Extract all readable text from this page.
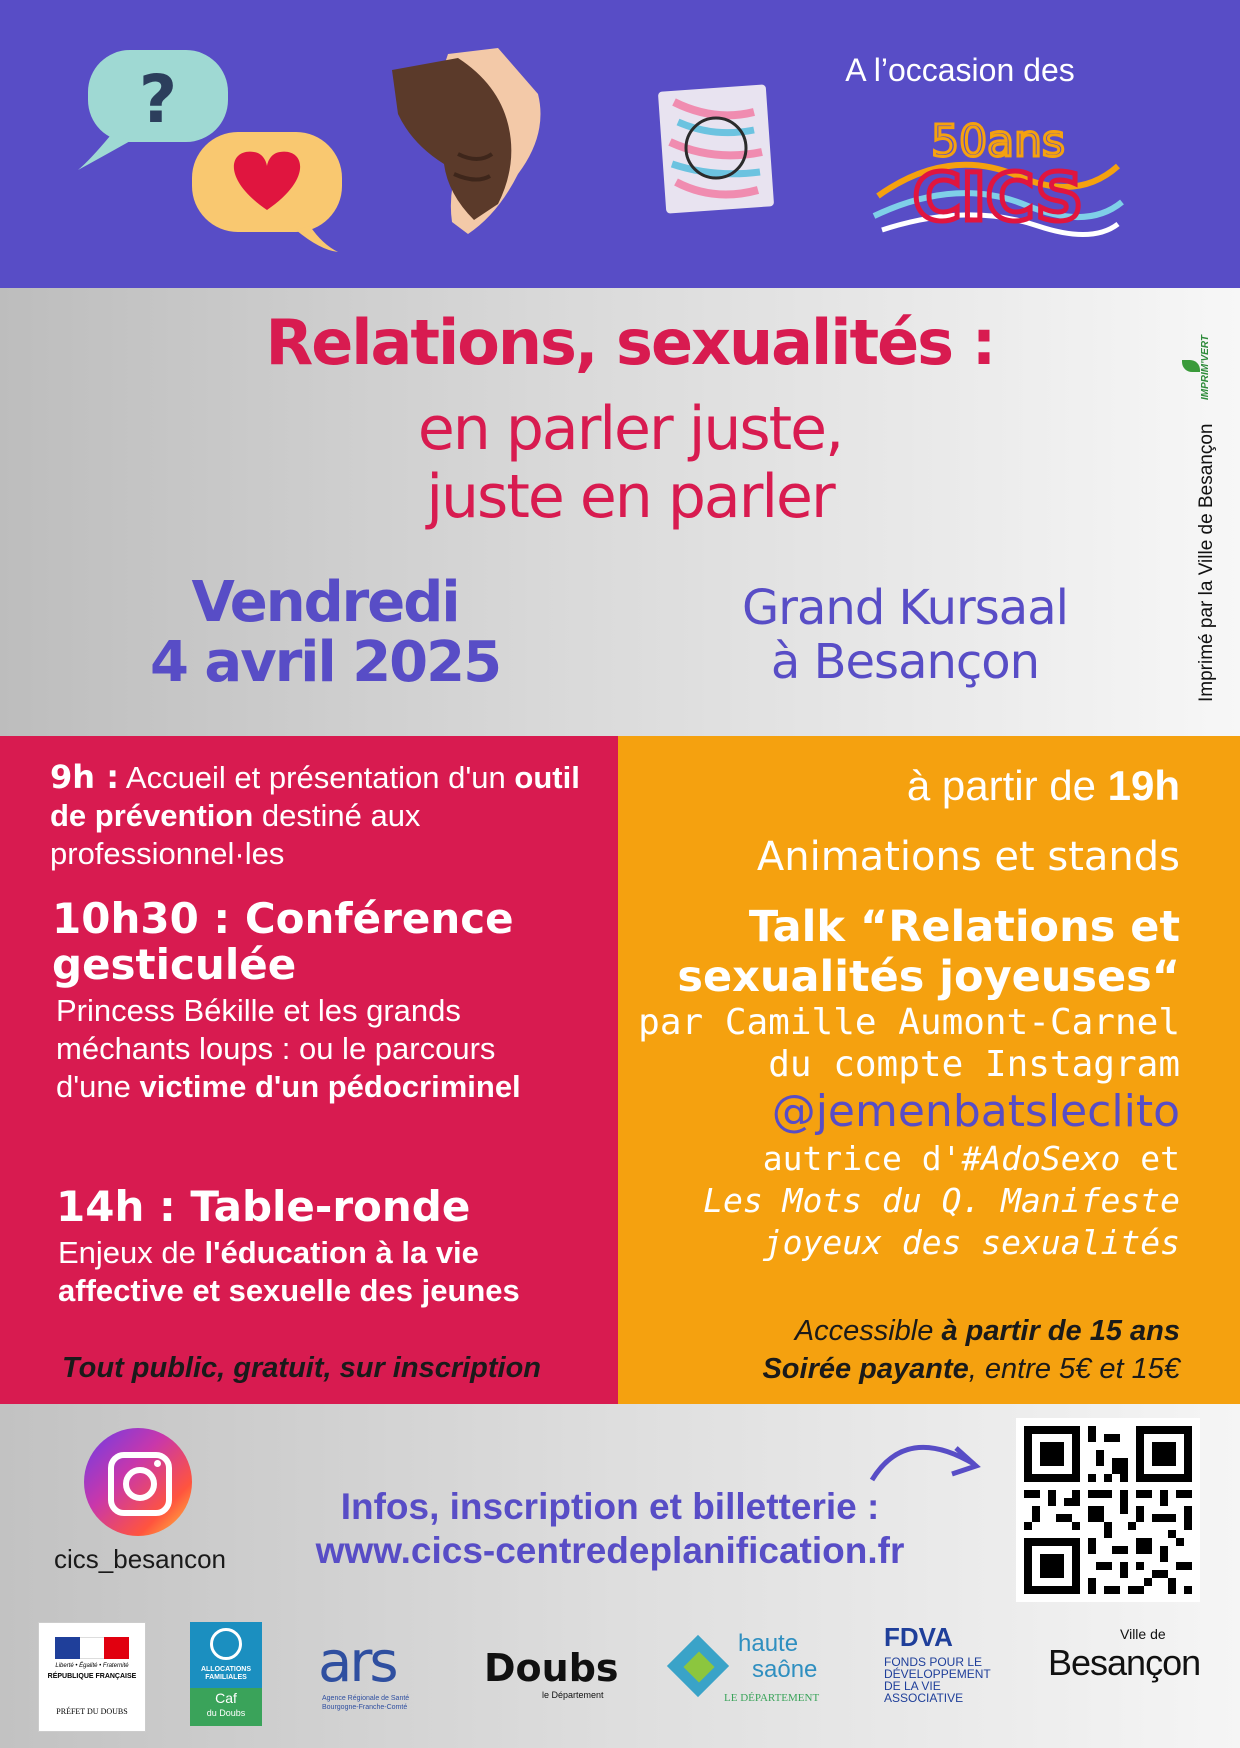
?	A l’occasion des
50ans
CICS
Relations, sexualités :
en parler juste,
juste en parler
Vendredi
4 avril 2025
Grand Kursaal
à Besançon	Imprimé par la Ville de Besançon
IMPRIM'VERT
9h : Accueil et présentation d'un outil de prévention destiné aux professionnel·les
10h30 : Conférence gesticulée
Princess Békille et les grands méchants loups : ou le parcours d'une victime d'un pédocriminel
14h : Table-ronde
Enjeux de l'éducation à la vie affective et sexuelle des jeunes
Tout public, gratuit, sur inscription
à partir de 19h
Animations et stands
Talk “Relations et sexualités joyeuses“
par Camille Aumont-Carnel du compte Instagram
@jemenbatsleclito
autrice d'#AdoSexo et
Les Mots du Q. Manifeste joyeux des sexualités
Accessible à partir de 15 ans
Soirée payante, entre 5€ et 15€
cics_besancon
Infos, inscription et billetterie :
www.cics-centredeplanification.fr
Liberté • Égalité • Fraternité
RÉPUBLIQUE FRANÇAISE
PRÉFET DU DOUBS
ALLOCATIONS FAMILIALES
Caf
du Doubs
ars
Agence Régionale de Santé Bourgogne-Franche-Comté
Doubs
le Département
haute
saône
LE DÉPARTEMENT
FDVA
FONDS POUR LE DÉVELOPPEMENT DE LA VIE ASSOCIATIVE
Ville de
Besançon
